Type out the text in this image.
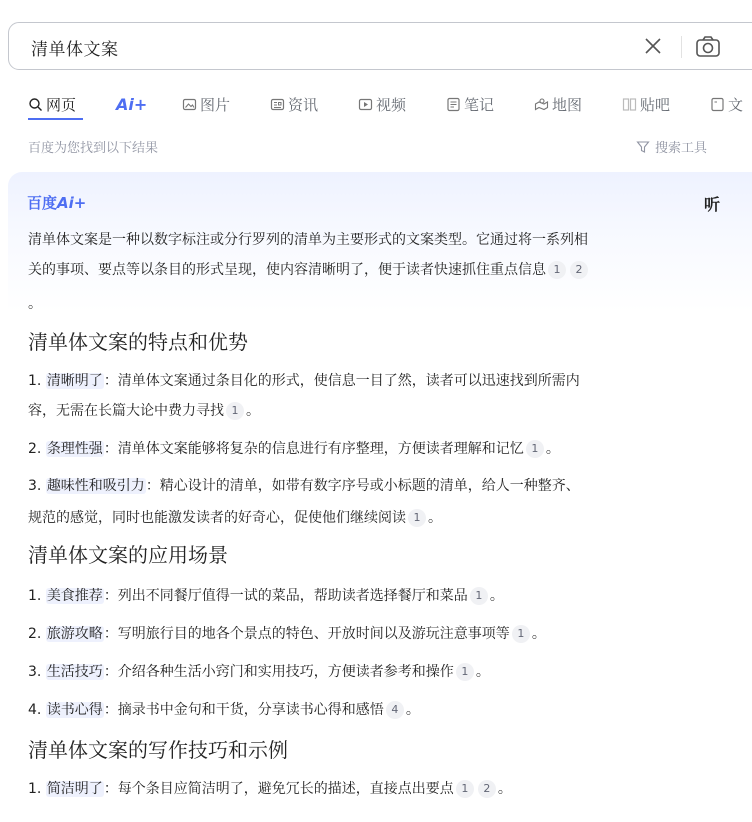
清单体文案
网页 Ai+	图片	资讯	视频	笔记	地图	贴吧	文
百度为您找到以下结果	搜索工具
百度Ai+	听
清单体文案是一种以数字标注或分行罗列的清单为主要形式的文案类型。它通过将一系列相
关的事项、要点等以条目的形式呈现，使内容清晰明了，便于读者快速抓住重点信息 1 2
。
清单体文案的特点和优势
1. 清晰明了：清单体文案通过条目化的形式，使信息一目了然，读者可以迅速找到所需内
容，无需在长篇大论中费力寻找 1 。
2. 条理性强：清单体文案能够将复杂的信息进行有序整理，方便读者理解和记忆 1 。
3. 趣味性和吸引力：精心设计的清单，如带有数字序号或小标题的清单，给人一种整齐、
规范的感觉，同时也能激发读者的好奇心，促使他们继续阅读 1 。
清单体文案的应用场景
1. 美食推荐：列出不同餐厅值得一试的菜品，帮助读者选择餐厅和菜品 1 。
2. 旅游攻略：写明旅行目的地各个景点的特色、开放时间以及游玩注意事项等 1 。
3. 生活技巧：介绍各种生活小窍门和实用技巧，方便读者参考和操作 1 。
4. 读书心得：摘录书中金句和干货，分享读书心得和感悟 4 。
清单体文案的写作技巧和示例
1. 简洁明了：每个条目应简洁明了，避免冗长的描述，直接点出要点 1 2 。
